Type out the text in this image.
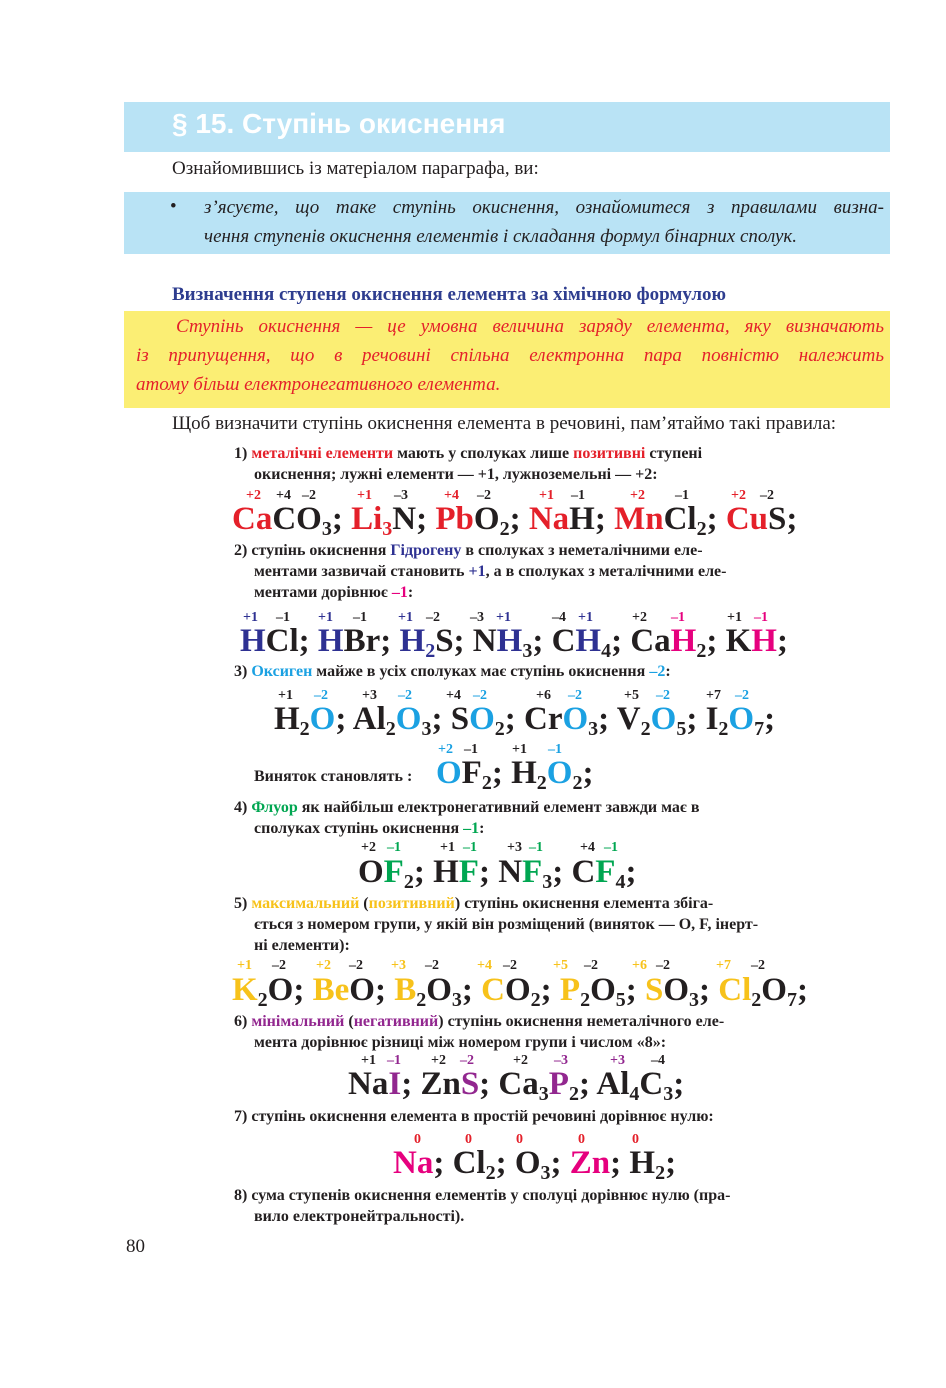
§ 15. Ступінь окиснення
Ознайомившись із матеріалом параграфа, ви:
• з’ясуєте, що таке ступінь окиснення, ознайомитеся з правилами визна-
чення ступенів окиснення елементів і складання формул бінарних сполук.
Визначення ступеня окиснення елемента за хімічною формулою
Ступінь окиснення — це умовна величина заряду елемента, яку визначають
із припущення, що в речовині спільна електронна пара повністю належить
атому більш електронегативного елемента.
Щоб визначити ступінь окиснення елемента в речовині, пам’ятаймо такі правила:
1) металічні елементи мають у сполуках лише позитивні ступені
окиснення; лужні елементи — +1, лужноземельні — +2:
+2 +4 –2	+1 –3	+4 –2	+1 –1	+2 –1	+2 –2
CaCO$_3$; $Li_3N$; PbO$_2$; NaH; MnCl$_2$; CuS;
2) ступінь окиснення Гідрогену в сполуках з неметалічними еле-
ментами зазвичай становить +1, а в сполуках з металічними еле-
ментами дорівнює –1:
+1 –1 +1 –1 +1 –2 –3 +1	–4 +1	+2 –1	+1 –1
HCl; HBr; $H_2S$; $NH_3$; $CH_4$; CaH$_2$; KH;
3) Оксиген майже в усіх сполуках має ступінь окиснення –2:
+1 –2 +3 –2 +4 –2	+6 –2	+5 –2	+7 –2
$H_2O$; $Al_2O_3$; $SO_2$; CrO$_3$; $V_2O_5$; $I_2O_7$;
+2 –1 +1 –1
Виняток становлять : $OF_2$; $H_2O_2$;
4) Флуор як найбільш електронегативний елемент завжди має в
сполуках ступінь окиснення –1:
+2 –1	+1 –1 +3 –1	+4 –1
$OF_2$; HF; $NF_3$; $CF_4$;
5) максимальний (позитивний) ступінь окиснення елемента збіга-
ється з номером групи, у якій він розміщений (виняток — O, F, інерт-
ні елементи):
+1 –2 +2 –2 +3 –2	+4 –2	+5 –2 +6 –2	+7 –2
$K_2O$; BeO; $B_2O_3$; $CO_2$; $P_2O_5$; $SO_3$; $Cl_2O_7$;
6) мінімальний (негативний) ступінь окиснення неметалічного еле-
мента дорівнює різниці між номером групи і числом «8»:
+1 –1 +2 –2	+2 –3	+3 –4
NaI; ZnS; $Ca_3P_2$; $Al_4C_3$;
7) ступінь окиснення елемента в простій речовині дорівнює нулю:
0	0	0	0	0
Na; $Cl_2$; $O_3$; Zn; $H_2$;
8) сума ступенів окиснення елементів у сполуці дорівнює нулю (пра-
вило електронейтральності).
80
